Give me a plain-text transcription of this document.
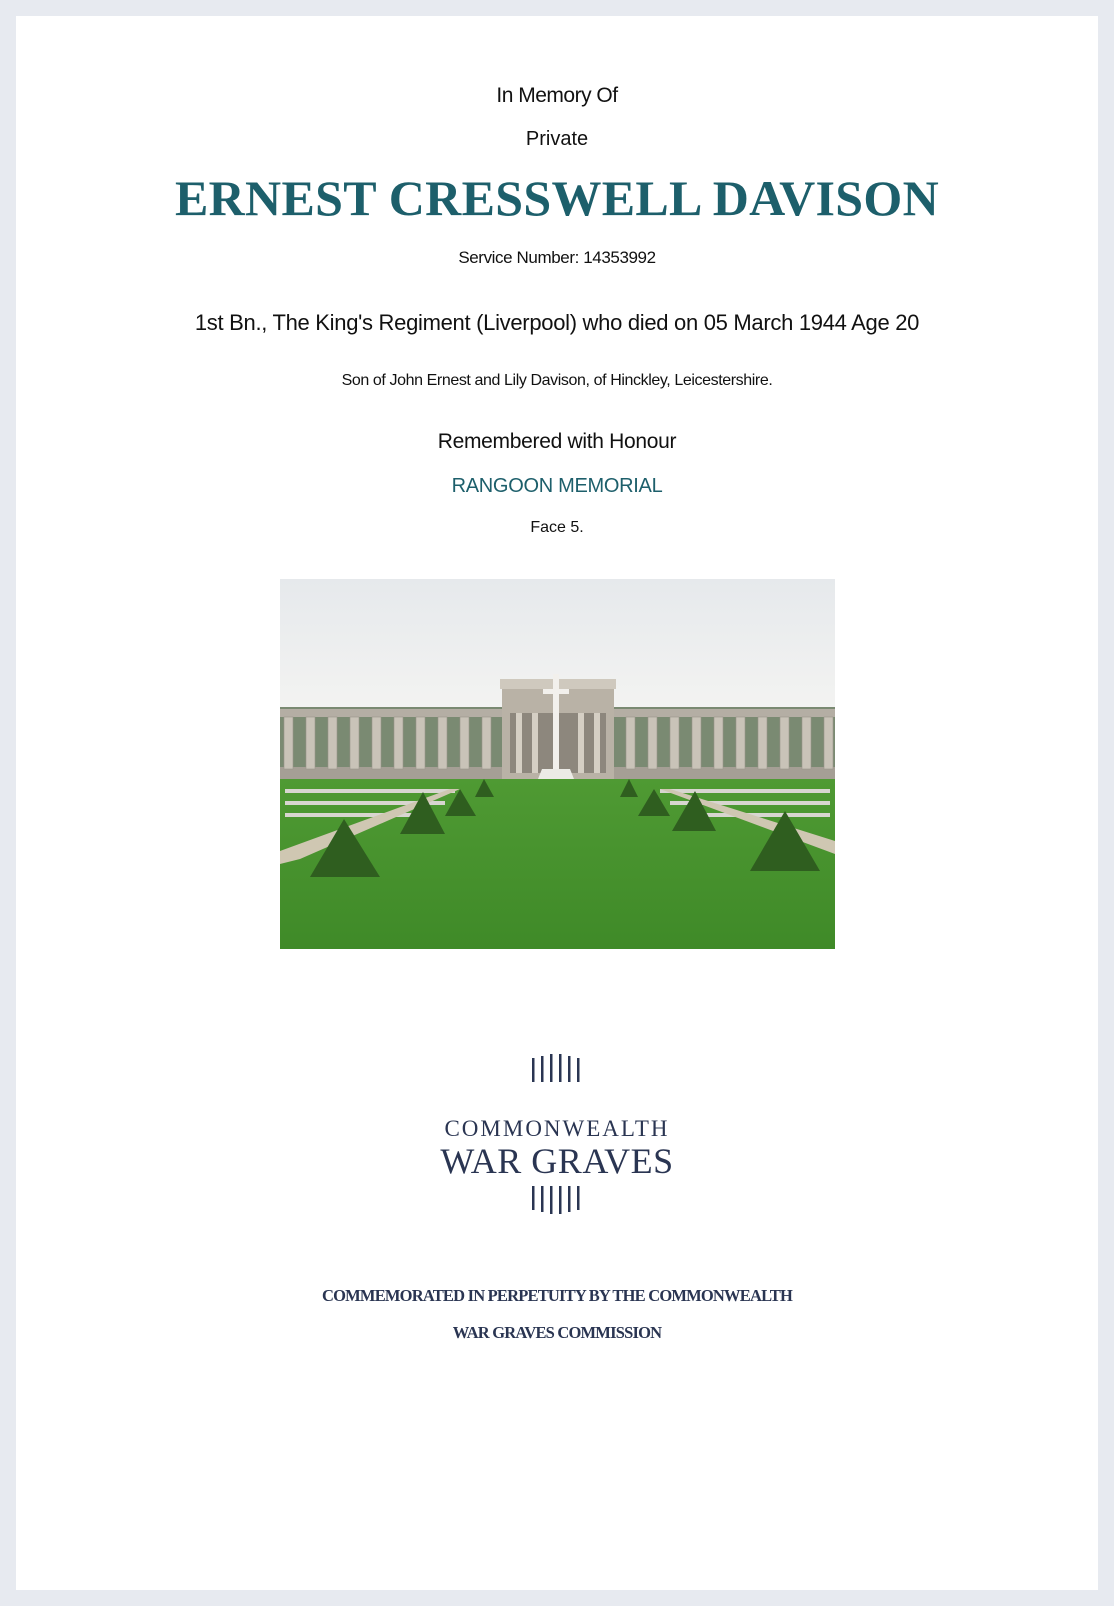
In Memory Of
Private
ERNEST CRESSWELL DAVISON
Service Number: 14353992
1st Bn., The King's Regiment (Liverpool) who died on 05 March 1944 Age 20
Son of John Ernest and Lily Davison, of Hinckley, Leicestershire.
Remembered with Honour
RANGOON MEMORIAL
Face 5.
COMMONWEALTH
WAR GRAVES
COMMEMORATED IN PERPETUITY BY THE COMMONWEALTH
WAR GRAVES COMMISSION
